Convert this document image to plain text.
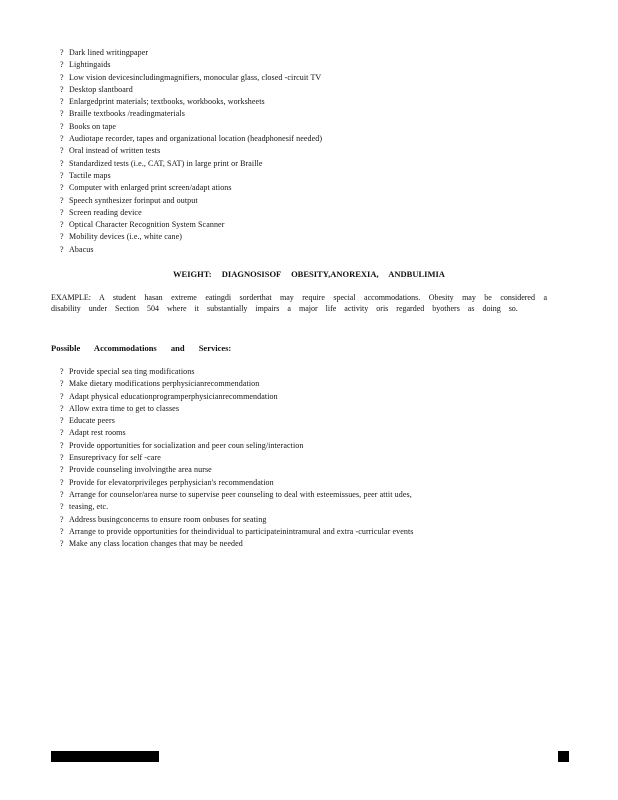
? Dark lined writingpaper
? Lightingaids
? Low vision devicesincludingmagnifiers, monocular glass, closed -circuit TV
? Desktop slantboard
? Enlargedprint materials; textbooks, workbooks, worksheets
? Braille textbooks /readingmaterials
? Books on tape
? Audiotape recorder, tapes and organizational location (headphonesif needed)
? Oral instead of written tests
? Standardized tests (i.e., CAT, SAT) in large print or Braille
? Tactile maps
? Computer with enlarged print screen/adapt ations
? Speech synthesizer forinput and output
? Screen reading device
? Optical Character Recognition System Scanner
? Mobility devices (i.e., white cane)
? Abacus
WEIGHT: DIAGNOSISOF OBESITY,ANOREXIA, ANDBULIMIA

EXAMPLE: A student hasan extreme eatingdi sorderthat may require special accommodations. Obesity may be considered a disability under Section 504 where it substantially impairs a major life activity oris regarded byothers as doing so.

Possible Accommodations and Services:
? Provide special sea ting modifications
? Make dietary modifications perphysicianrecommendation
? Adapt physical educationprogramperphysicianrecommendation
? Allow extra time to get to classes
? Educate peers
? Adapt rest rooms
? Provide opportunities for socialization and peer coun seling/interaction
? Ensureprivacy for self -care
? Provide counseling involvingthe area nurse
? Provide for elevatorprivileges perphysician's recommendation
? Arrange for counselor/area nurse to supervise peer counseling to deal with esteemissues, peer attit udes,
? teasing, etc.
? Address busingconcerns to ensure room onbuses for seating
? Arrange to provide opportunities for theindividual to participateinintramural and extra -curricular events
? Make any class location changes that may be needed
